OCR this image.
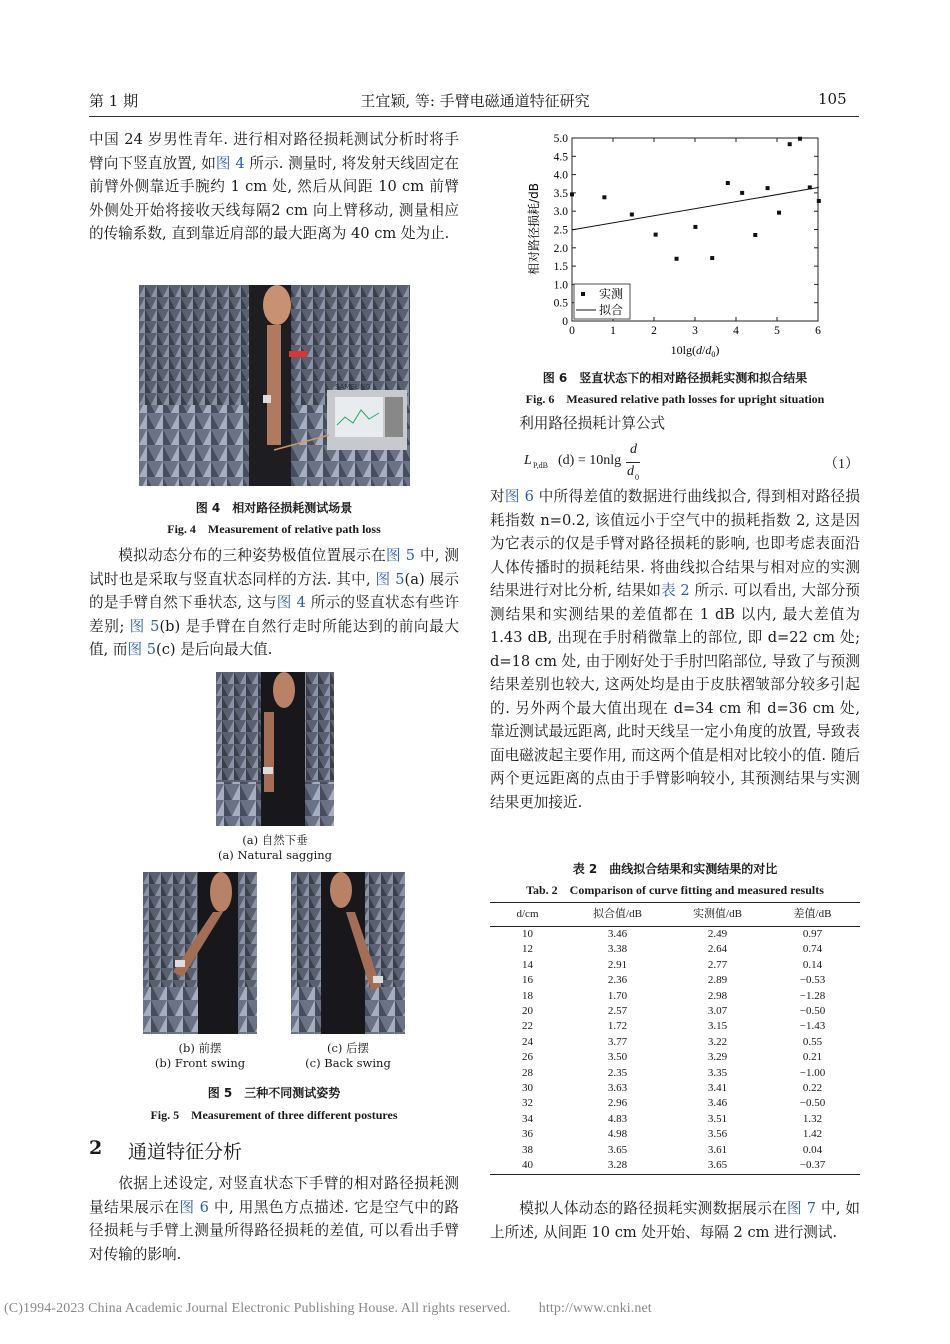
第 1 期	王宜颖, 等: 手臂电磁通道特征研究	105

中国 24 岁男性青年. 进行相对路径损耗测试分析时将手臂向下竖直放置, 如图 4 所示. 测量时, 将发射天线固定在前臂外侧靠近手腕约 1 cm 处, 然后从间距 10 cm 前臂外侧处开始将接收天线每隔2 cm 向上臂移动, 测量相应的传输系数, 直到靠近肩部的最大距离为 40 cm 处为止.

SAMSUNG
图 4　相对路径损耗测试场景
Fig. 4　Measurement of relative path loss

模拟动态分布的三种姿势极值位置展示在图 5 中, 测试时也是采取与竖直状态同样的方法. 其中, 图 5(a) 展示的是手臂自然下垂状态, 这与图 4 所示的竖直状态有些许差别; 图 5(b) 是手臂在自然行走时所能达到的前向最大值, 而图 5(c) 是后向最大值.

(a) 自然下垂
(a) Natural sagging
(b) 前摆
(b) Front swing
(c) 后摆
(c) Back swing
图 5　三种不同测试姿势
Fig. 5　Measurement of three different postures
2 通道特征分析

依据上述设定, 对竖直状态下手臂的相对路径损耗测量结果展示在图 6 中, 用黑色方点描述. 它是空气中的路径损耗与手臂上测量所得路径损耗的差值, 可以看出手臂对传输的影响.

0
0.5
1.0
1.5
2.0
2.5
3.0
3.5
4.0
4.5
5.0
0	1	2	3	4	5	6
实测
拟合
相对路径损耗/dB
$10\lg(d/d_0)$
图 6　竖直状态下的相对路径损耗实测和拟合结果
Fig. 6　Measured relative path losses for upright situation

利用路径损耗计算公式

L P,dB (d) = 10nlg
d
d 0
（1）

对图 6 中所得差值的数据进行曲线拟合, 得到相对路径损耗指数 n=0.2, 该值远小于空气中的损耗指数 2, 这是因为它表示的仅是手臂对路径损耗的影响, 也即考虑表面沿人体传播时的损耗结果. 将曲线拟合结果与相对应的实测结果进行对比分析, 结果如表 2 所示. 可以看出, 大部分预测结果和实测结果的差值都在 1 dB 以内, 最大差值为 1.43 dB, 出现在手肘稍微靠上的部位, 即 d=22 cm 处; d=18 cm 处, 由于刚好处于手肘凹陷部位, 导致了与预测结果差别也较大, 这两处均是由于皮肤褶皱部分较多引起的. 另外两个最大值出现在 d=34 cm 和 d=36 cm 处, 靠近测试最远距离, 此时天线呈一定小角度的放置, 导致表面电磁波起主要作用, 而这两个值是相对比较小的值. 随后两个更远距离的点由于手臂影响较小, 其预测结果与实测结果更加接近.

表 2　曲线拟合结果和实测结果的对比
Tab. 2　Comparison of curve fitting and measured results
d/cm	拟合值/dB	实测值/dB	差值/dB
10	3.46	2.49	0.97
12	3.38	2.64	0.74
14	2.91	2.77	0.14
16	2.36	2.89	−0.53
18	1.70	2.98	−1.28
20	2.57	3.07	−0.50
22	1.72	3.15	−1.43
24	3.77	3.22	0.55
26	3.50	3.29	0.21
28	2.35	3.35	−1.00
30	3.63	3.41	0.22
32	2.96	3.46	−0.50
34	4.83	3.51	1.32
36	4.98	3.56	1.42
38	3.65	3.61	0.04
40	3.28	3.65	−0.37

模拟人体动态的路径损耗实测数据展示在图 7 中, 如上所述, 从间距 10 cm 处开始、每隔 2 cm 进行测试.

(C)1994-2023 China Academic Journal Electronic Publishing House. All rights reserved.　　http://www.cnki.net
